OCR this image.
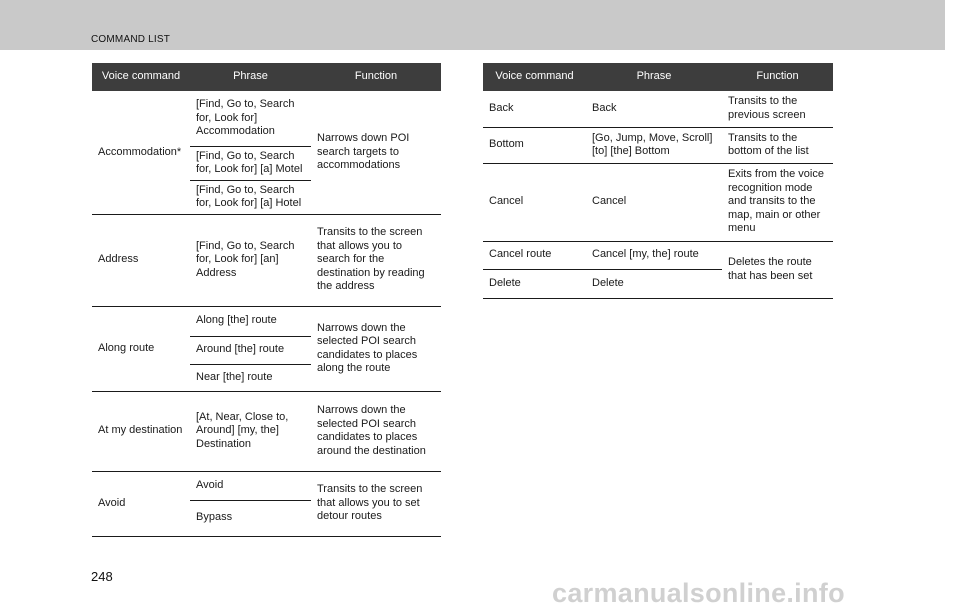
COMMAND LIST
Voice command	Phrase	Function
Accommodation*	[Find, Go to, Search for, Look for] Accommodation	Narrows down POI search targets to accommodations
	[Find, Go to, Search for, Look for] [a] Motel	
	[Find, Go to, Search for, Look for] [a] Hotel	
Address	[Find, Go to, Search for, Look for] [an] Address	Transits to the screen that allows you to search for the destination by reading the address
Along route	Along [the] route	Narrows down the selected POI search candidates to places along the route
	Around [the] route	
	Near [the] route	
At my destination	[At, Near, Close to, Around] [my, the] Destination	Narrows down the selected POI search candidates to places around the destination
Avoid	Avoid	Transits to the screen that allows you to set detour routes
	Bypass	
Voice command	Phrase	Function
Back	Back	Transits to the previous screen
Bottom	[Go, Jump, Move, Scroll] [to] [the] Bottom	Transits to the bottom of the list
Cancel	Cancel	Exits from the voice recognition mode and transits to the map, main or other menu
Cancel route	Cancel [my, the] route	Deletes the route that has been set
Delete	Delete	
248
carmanualsonline.info
